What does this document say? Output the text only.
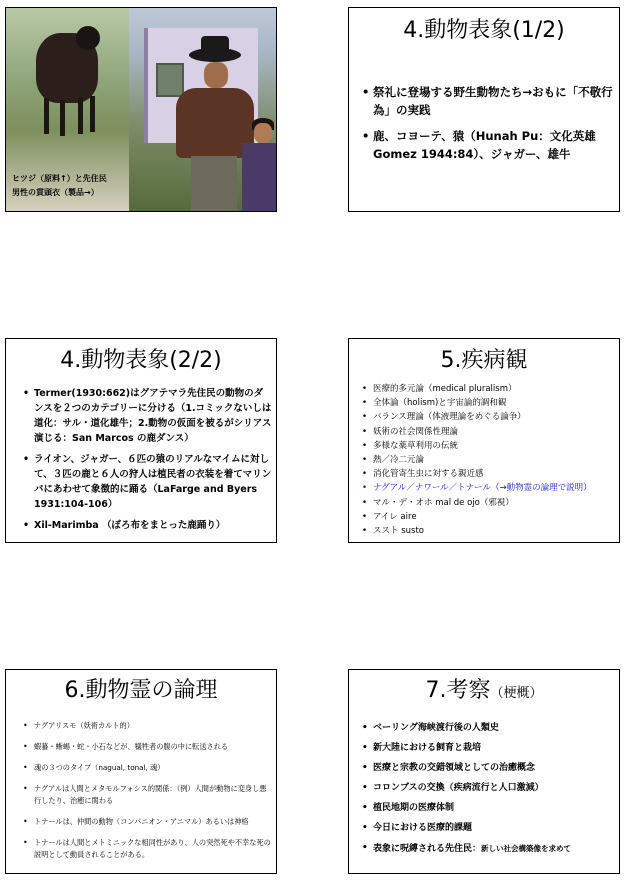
ヒツジ（原料↑）と先住民
男性の貫頭衣（製品→）
4.動物表象(1/2)
• 祭礼に登場する野生動物たち→おもに「不敬行為」の実践
• 鹿、コヨーテ、猿（Hunah Pu：文化英雄 Gomez 1944:84）、ジャガー、雄牛
4.動物表象(2/2)
• Termer(1930:662)はグアテマラ先住民の動物のダンスを２つのカテゴリーに分ける（1.コミックないしは道化：サル・道化雄牛；2.動物の仮面を被るがシリアス演じる：San Marcos の鹿ダンス）
• ライオン、ジャガー、６匹の猿のリアルなマイムに対して、３匹の鹿と６人の狩人は植民者の衣装を着てマリンバにあわせて象徴的に踊る（LaFarge and Byers 1931:104-106）
• Xil-Marimba （ぼろ布をまとった鹿踊り）
5.疾病観
• 医療的多元論（medical pluralism）
• 全体論（holism)と宇宙論的調和観
• バランス理論（体液理論をめぐる論争）
• 妖術の社会関係性理論
• 多様な薬草利用の伝統
• 熱／冷二元論
• 消化管寄生虫に対する親近感
• ナグアル／ナワール／トナール（→動物霊の論理で説明）
• マル・デ・オホ mal de ojo（邪視）
• アイレ aire
• ススト susto
6.動物霊の論理
• ナグアリスモ（妖術カルト的）
• 蝦蟇・蜥蜴・蛇・小石などが、犠牲者の腹の中に転送される
• 魂の３つのタイプ（nagual, tonal, 魂）
• ナグアルは人間とメタモルフォシス的関係：（例）人間が動物に変身し悪行したり、治癒に関わる
• トナールは、仲間の動物（コンパニオン・アニマル）あるいは神格
• トナールは人間とメトミニックな相同性があり、人の突然死や不幸な死の説明として動員されることがある。
7.考察（梗概）
• ベーリング海峡渡行後の人類史
• 新大陸における飼育と栽培
• 医療と宗教の交錯領域としての治癒概念
• コロンブスの交換（疾病流行と人口激減）
• 植民地期の医療体制
• 今日における医療的課題
• 表象に呪縛される先住民：新しい社会構築像を求めて
